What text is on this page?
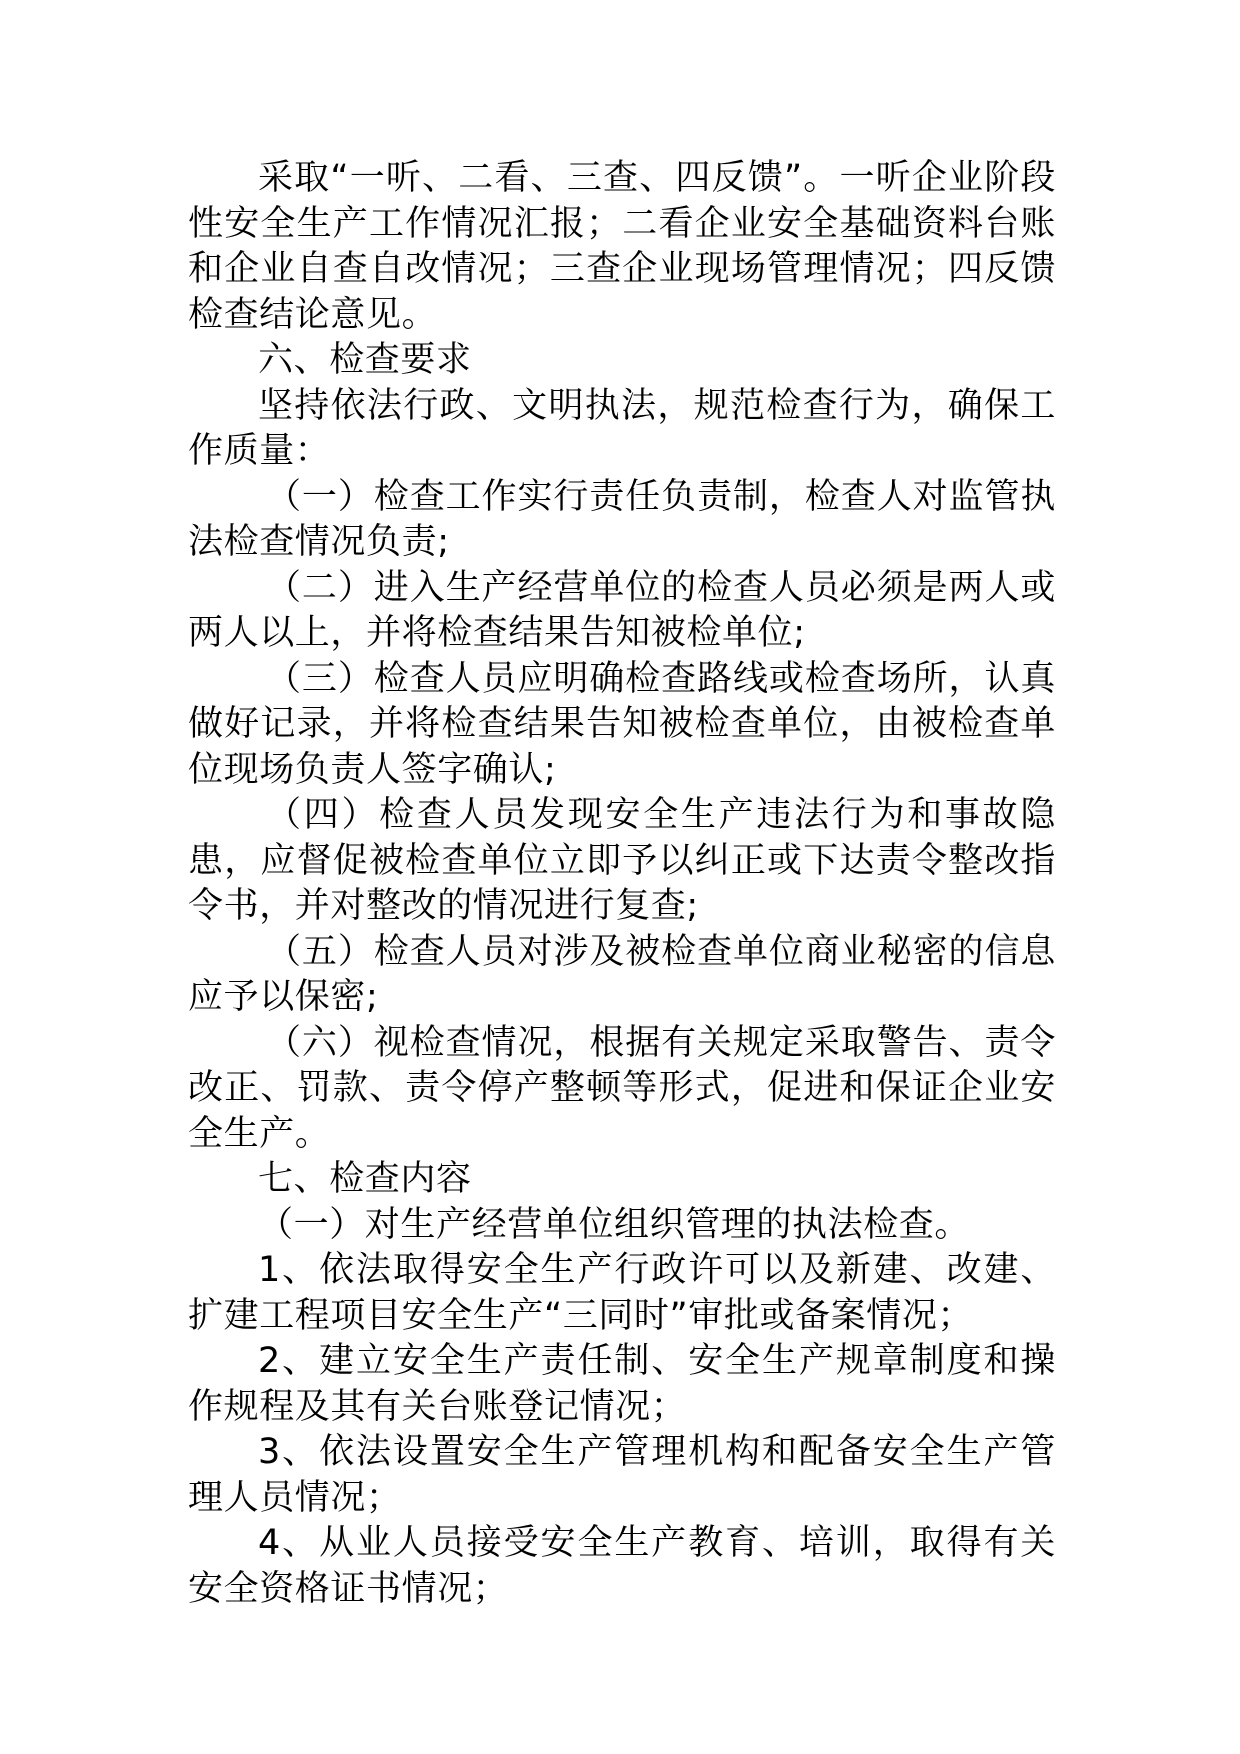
采取“一听、二看、三查、四反馈”。一听企业阶段性安全生产工作情况汇报；二看企业安全基础资料台账和企业自查自改情况；三查企业现场管理情况；四反馈检查结论意见。

六、检查要求

坚持依法行政、文明执法，规范检查行为，确保工作质量：

（一）检查工作实行责任负责制，检查人对监管执法检查情况负责;

（二）进入生产经营单位的检查人员必须是两人或两人以上，并将检查结果告知被检单位;

（三）检查人员应明确检查路线或检查场所，认真做好记录，并将检查结果告知被检查单位，由被检查单位现场负责人签字确认;

（四）检查人员发现安全生产违法行为和事故隐患，应督促被检查单位立即予以纠正或下达责令整改指令书，并对整改的情况进行复查;

（五）检查人员对涉及被检查单位商业秘密的信息应予以保密;

（六）视检查情况，根据有关规定采取警告、责令改正、罚款、责令停产整顿等形式，促进和保证企业安全生产。

七、检查内容

（一）对生产经营单位组织管理的执法检查。

1、依法取得安全生产行政许可以及新建、改建、扩建工程项目安全生产“三同时”审批或备案情况；

2、建立安全生产责任制、安全生产规章制度和操作规程及其有关台账登记情况；

3、依法设置安全生产管理机构和配备安全生产管理人员情况；

4、从业人员接受安全生产教育、培训，取得有关安全资格证书情况；
